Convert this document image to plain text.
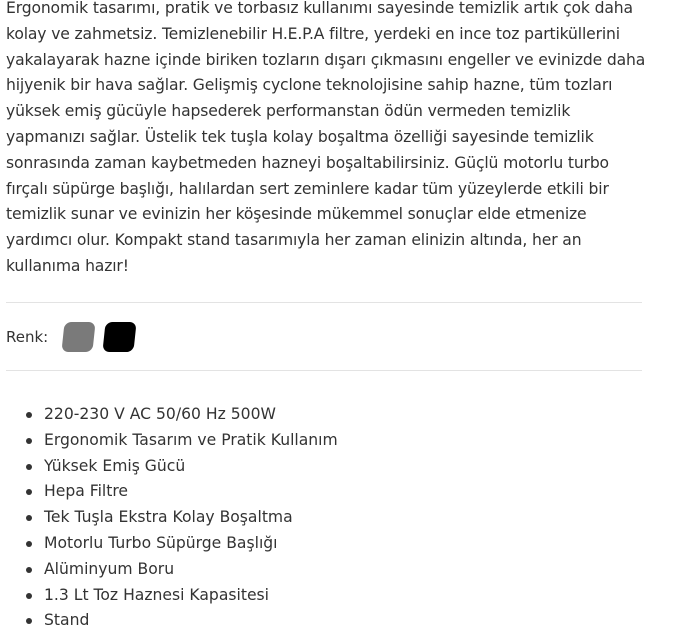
Ergonomik tasarımı, pratik ve torbasız kullanımı sayesinde temizlik artık çok daha kolay ve zahmetsiz. Temizlenebilir H.E.P.A filtre, yerdeki en ince toz partiküllerini yakalayarak hazne içinde biriken tozların dışarı çıkmasını engeller ve evinizde daha hijyenik bir hava sağlar. Gelişmiş cyclone teknolojisine sahip hazne, tüm tozları yüksek emiş gücüyle hapsederek performanstan ödün vermeden temizlik yapmanızı sağlar. Üstelik tek tuşla kolay boşaltma özelliği sayesinde temizlik sonrasında zaman kaybetmeden hazneyi boşaltabilirsiniz. Güçlü motorlu turbo fırçalı süpürge başlığı, halılardan sert zeminlere kadar tüm yüzeylerde etkili bir temizlik sunar ve evinizin her köşesinde mükemmel sonuçlar elde etmenize yardımcı olur. Kompakt stand tasarımıyla her zaman elinizin altında, her an kullanıma hazır!

Renk:
220-230 V AC 50/60 Hz 500W
Ergonomik Tasarım ve Pratik Kullanım
Yüksek Emiş Gücü
Hepa Filtre
Tek Tuşla Ekstra Kolay Boşaltma
Motorlu Turbo Süpürge Başlığı
Alüminyum Boru
1.3 Lt Toz Haznesi Kapasitesi
Stand
